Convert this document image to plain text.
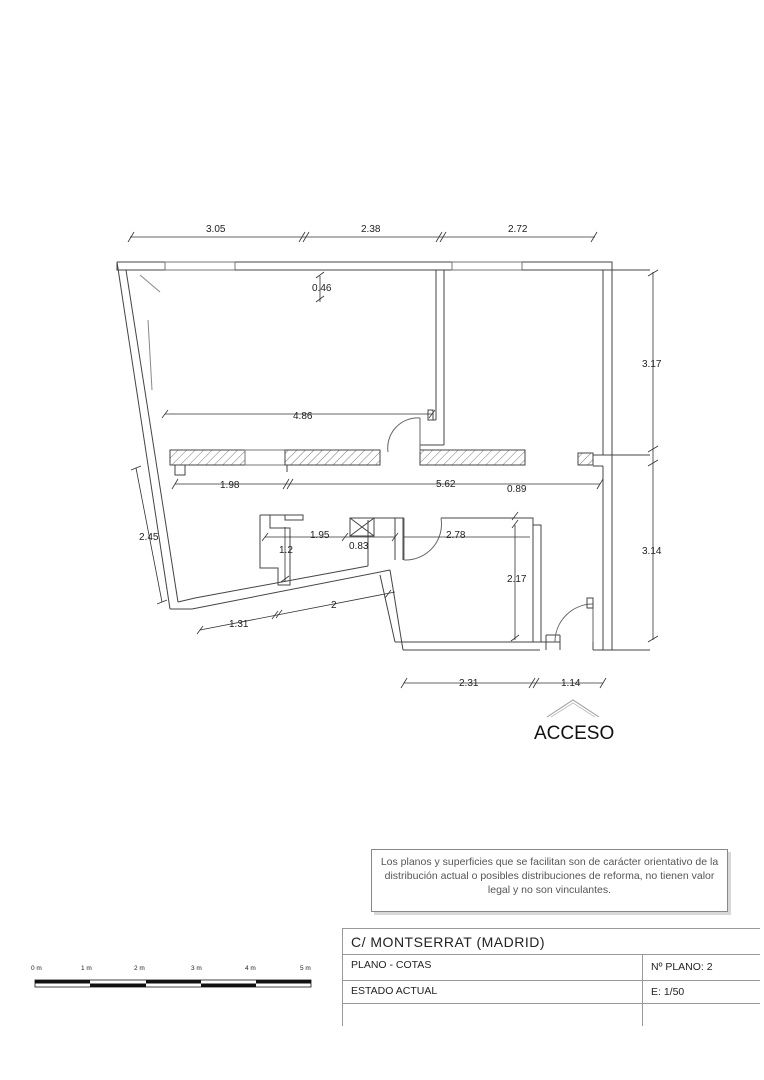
3.05	2.38	2.72
3.17
3.14
2.31	1.14
2.45
0.46
4.86
1.98	5.62	0.89
1.95
1.2	0.83
2.78
2.17
2
1.31
ACCESO
0 m	1 m	2 m	3 m	4 m	5 m
Los planos y superficies que se facilitan son de carácter orientativo de la distribución actual o posibles distribuciones de reforma, no tienen valor legal y no son vinculantes.
C/ MONTSERRAT (MADRID)
PLANO - COTAS	Nº PLANO: 2
ESTADO ACTUAL	E: 1/50
